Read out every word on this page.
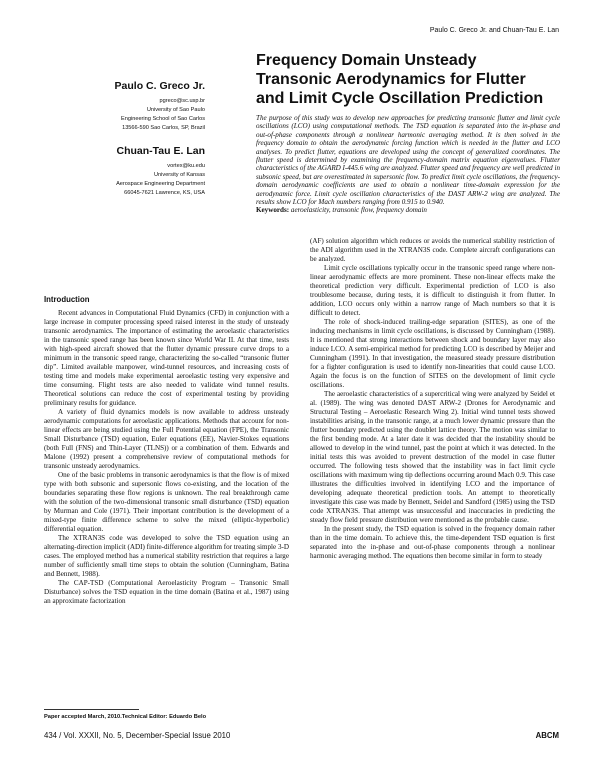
Paulo C. Greco Jr. and Chuan-Tau E. Lan
Paulo C. Greco Jr.
pgreco@sc.usp.br
University of Sao Paulo
Engineering School of Sao Carlos
13566-590 Sao Carlos, SP, Brazil
Chuan-Tau E. Lan
vortex@ku.edu
University of Kansas
Aerospace Engineering Department
66045-7621 Lawrence, KS, USA
Frequency Domain Unsteady
Transonic Aerodynamics for Flutter
and Limit Cycle Oscillation Prediction
The purpose of this study was to develop new approaches for predicting transonic flutter and limit cycle oscillations (LCO) using computational methods. The TSD equation is separated into the in-phase and out-of-phase components through a nonlinear harmonic averaging method. It is then solved in the frequency domain to obtain the aerodynamic forcing function which is needed in the flutter and LCO analyses. To predict flutter, equations are developed using the concept of generalized coordinates. The flutter speed is determined by examining the frequency-domain matrix equation eigenvalues. Flutter characteristics of the AGARD I-445.6 wing are analyzed. Flutter speed and frequency are well predicted in subsonic speed, but are overestimated in supersonic flow. To predict limit cycle oscillations, the frequency-domain aerodynamic coefficients are used to obtain a nonlinear time-domain expression for the aerodynamic force. Limit cycle oscillation characteristics of the DAST ARW-2 wing are analyzed. The results show LCO for Mach numbers ranging from 0.915 to 0.940.
Keywords: aeroelasticity, transonic flow, frequency domain
Introduction

Recent advances in Computational Fluid Dynamics (CFD) in conjunction with a large increase in computer processing speed raised interest in the study of unsteady transonic aerodynamics. The importance of estimating the aeroelastic characteristics in the transonic speed range has been known since World War II. At that time, tests with high-speed aircraft showed that the flutter dynamic pressure curve drops to a minimum in the transonic speed range, characterizing the so-called “transonic flutter dip”. Limited available manpower, wind-tunnel resources, and increasing costs of testing time and models make experimental aeroelastic testing very expensive and time consuming. Flight tests are also needed to validate wind tunnel results. Theoretical solutions can reduce the cost of experimental testing by providing preliminary results for guidance.

A variety of fluid dynamics models is now available to address unsteady aerodynamic computations for aeroelastic applications. Methods that account for non-linear effects are being studied using the Full Potential equation (FPE), the Transonic Small Disturbance (TSD) equation, Euler equations (EE), Navier-Stokes equations (both Full (FNS) and Thin-Layer (TLNS)) or a combination of them. Edwards and Malone (1992) present a comprehensive review of computational methods for transonic unsteady aerodynamics.

One of the basic problems in transonic aerodynamics is that the flow is of mixed type with both subsonic and supersonic flows co-existing, and the location of the boundaries separating these flow regions is unknown. The real breakthrough came with the solution of the two-dimensional transonic small disturbance (TSD) equation by Murman and Cole (1971). Their important contribution is the development of a mixed-type finite difference scheme to solve the mixed (elliptic-hyperbolic) differential equation.

The XTRAN3S code was developed to solve the TSD equation using an alternating-direction implicit (ADI) finite-difference algorithm for treating simple 3-D cases. The employed method has a numerical stability restriction that requires a large number of sufficiently small time steps to obtain the solution (Cunningham, Batina and Bennett, 1988).

The CAP-TSD (Computational Aeroelasticity Program – Transonic Small Disturbance) solves the TSD equation in the time domain (Batina et al., 1987) using an approximate factorization

(AF) solution algorithm which reduces or avoids the numerical stability restriction of the ADI algorithm used in the XTRAN3S code. Complete aircraft configurations can be analyzed.

Limit cycle oscillations typically occur in the transonic speed range where non-linear aerodynamic effects are more prominent. These non-linear effects make the theoretical prediction very difficult. Experimental prediction of LCO is also troublesome because, during tests, it is difficult to distinguish it from flutter. In addition, LCO occurs only within a narrow range of Mach numbers so that it is difficult to detect.

The role of shock-induced trailing-edge separation (SITES), as one of the inducing mechanisms in limit cycle oscillations, is discussed by Cunningham (1988). It is mentioned that strong interactions between shock and boundary layer may also induce LCO. A semi-empirical method for predicting LCO is described by Meijer and Cunningham (1991). In that investigation, the measured steady pressure distribution for a fighter configuration is used to identify non-linearities that could cause LCO. Again the focus is on the function of SITES on the development of limit cycle oscillations.

The aeroelastic characteristics of a supercritical wing were analyzed by Seidel et al. (1989). The wing was denoted DAST ARW-2 (Drones for Aerodynamic and Structural Testing – Aeroelastic Research Wing 2). Initial wind tunnel tests showed instabilities arising, in the transonic range, at a much lower dynamic pressure than the flutter boundary predicted using the doublet lattice theory. The motion was similar to the first bending mode. At a later date it was decided that the instability should be allowed to develop in the wind tunnel, past the point at which it was detected. In the initial tests this was avoided to prevent destruction of the model in case flutter occurred. The following tests showed that the instability was in fact limit cycle oscillations with maximum wing tip deflections occurring around Mach 0.9. This case illustrates the difficulties involved in identifying LCO and the importance of developing adequate theoretical prediction tools. An attempt to theoretically investigate this case was made by Bennett, Seidel and Sandford (1985) using the TSD code XTRAN3S. That attempt was unsuccessful and inaccuracies in predicting the steady flow field pressure distribution were mentioned as the probable cause.

In the present study, the TSD equation is solved in the frequency domain rather than in the time domain. To achieve this, the time-dependent TSD equation is first separated into the in-phase and out-of-phase components through a nonlinear harmonic averaging method. The equations then become similar in form to steady

Paper accepted March, 2010.Technical Editor: Eduardo Belo
434 / Vol. XXXII, No. 5, December-Special Issue 2010	ABCM
